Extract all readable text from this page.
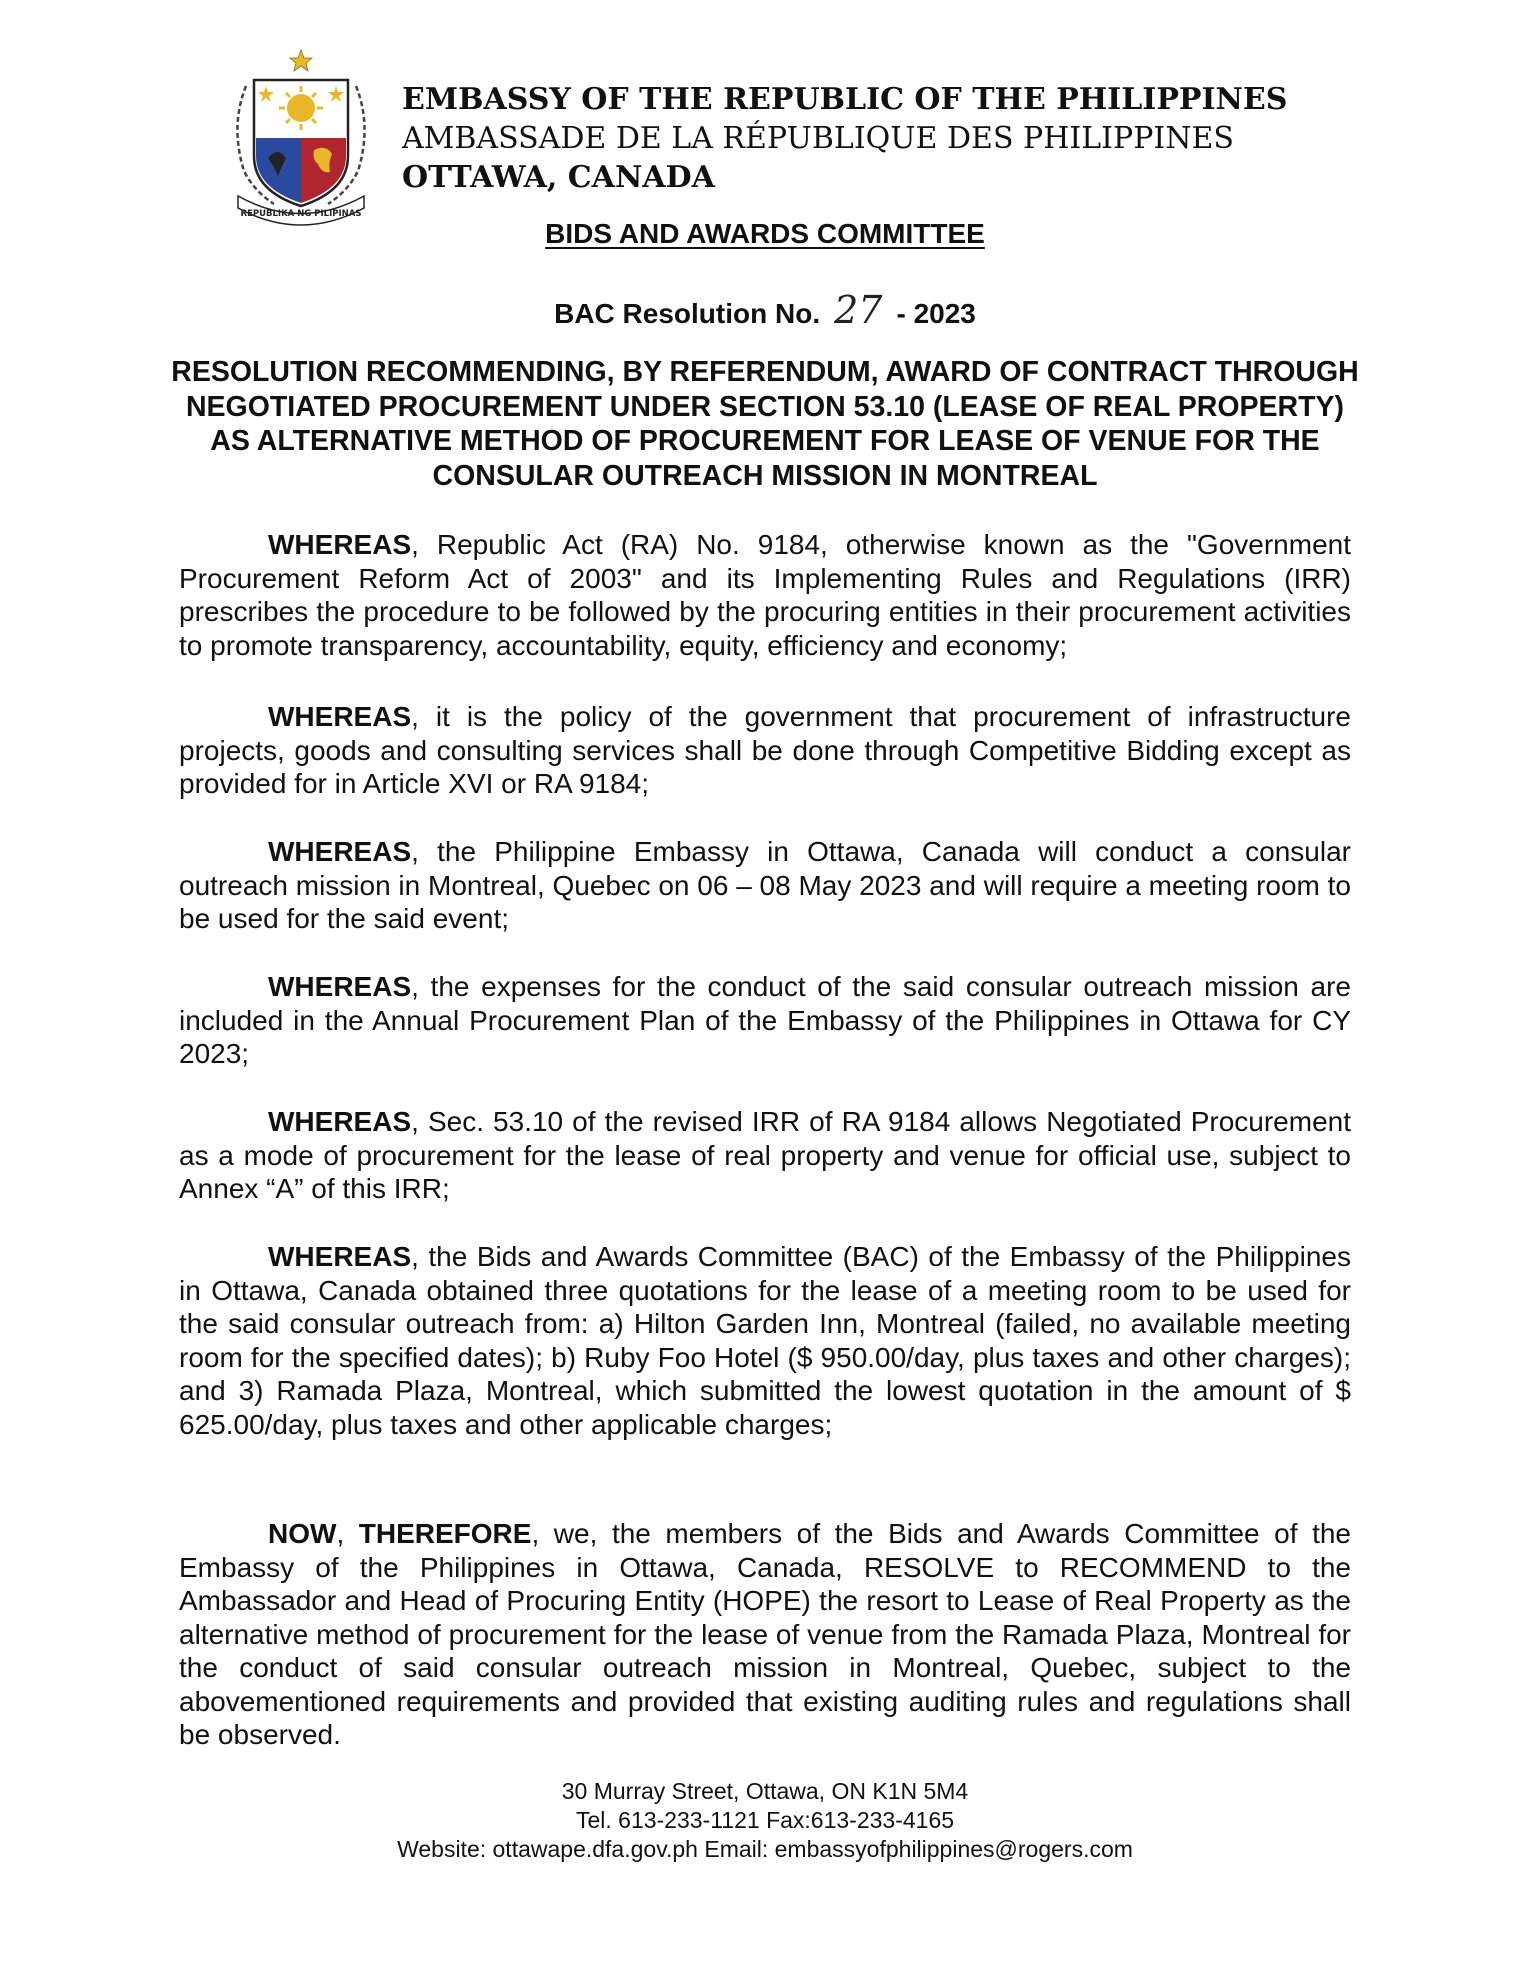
REPUBLIKA NG PILIPINAS
EMBASSY OF THE REPUBLIC OF THE PHILIPPINES
AMBASSADE DE LA RÉPUBLIQUE DES PHILIPPINES
OTTAWA, CANADA
BIDS AND AWARDS COMMITTEE
BAC Resolution No. 27 - 2023
RESOLUTION RECOMMENDING, BY REFERENDUM, AWARD OF CONTRACT THROUGH NEGOTIATED PROCUREMENT UNDER SECTION 53.10 (LEASE OF REAL PROPERTY) AS ALTERNATIVE METHOD OF PROCUREMENT FOR LEASE OF VENUE FOR THE CONSULAR OUTREACH MISSION IN MONTREAL

WHEREAS, Republic Act (RA) No. 9184, otherwise known as the "Government Procurement Reform Act of 2003" and its Implementing Rules and Regulations (IRR) prescribes the procedure to be followed by the procuring entities in their procurement activities to promote transparency, accountability, equity, efficiency and economy;

WHEREAS, it is the policy of the government that procurement of infrastructure projects, goods and consulting services shall be done through Competitive Bidding except as provided for in Article XVI or RA 9184;

WHEREAS, the Philippine Embassy in Ottawa, Canada will conduct a consular outreach mission in Montreal, Quebec on 06 – 08 May 2023 and will require a meeting room to be used for the said event;

WHEREAS, the expenses for the conduct of the said consular outreach mission are included in the Annual Procurement Plan of the Embassy of the Philippines in Ottawa for CY 2023;

WHEREAS, Sec. 53.10 of the revised IRR of RA 9184 allows Negotiated Procurement as a mode of procurement for the lease of real property and venue for official use, subject to Annex “A” of this IRR;

WHEREAS, the Bids and Awards Committee (BAC) of the Embassy of the Philippines in Ottawa, Canada obtained three quotations for the lease of a meeting room to be used for the said consular outreach from: a) Hilton Garden Inn, Montreal (failed, no available meeting room for the specified dates); b) Ruby Foo Hotel ($ 950.00/day, plus taxes and other charges); and 3) Ramada Plaza, Montreal, which submitted the lowest quotation in the amount of $ 625.00/day, plus taxes and other applicable charges;

NOW, THEREFORE, we, the members of the Bids and Awards Committee of the Embassy of the Philippines in Ottawa, Canada, RESOLVE to RECOMMEND to the Ambassador and Head of Procuring Entity (HOPE) the resort to Lease of Real Property as the alternative method of procurement for the lease of venue from the Ramada Plaza, Montreal for the conduct of said consular outreach mission in Montreal, Quebec, subject to the abovementioned requirements and provided that existing auditing rules and regulations shall be observed.

30 Murray Street, Ottawa, ON K1N 5M4
Tel. 613-233-1121 Fax:613-233-4165
Website: ottawape.dfa.gov.ph Email: embassyofphilippines@rogers.com
